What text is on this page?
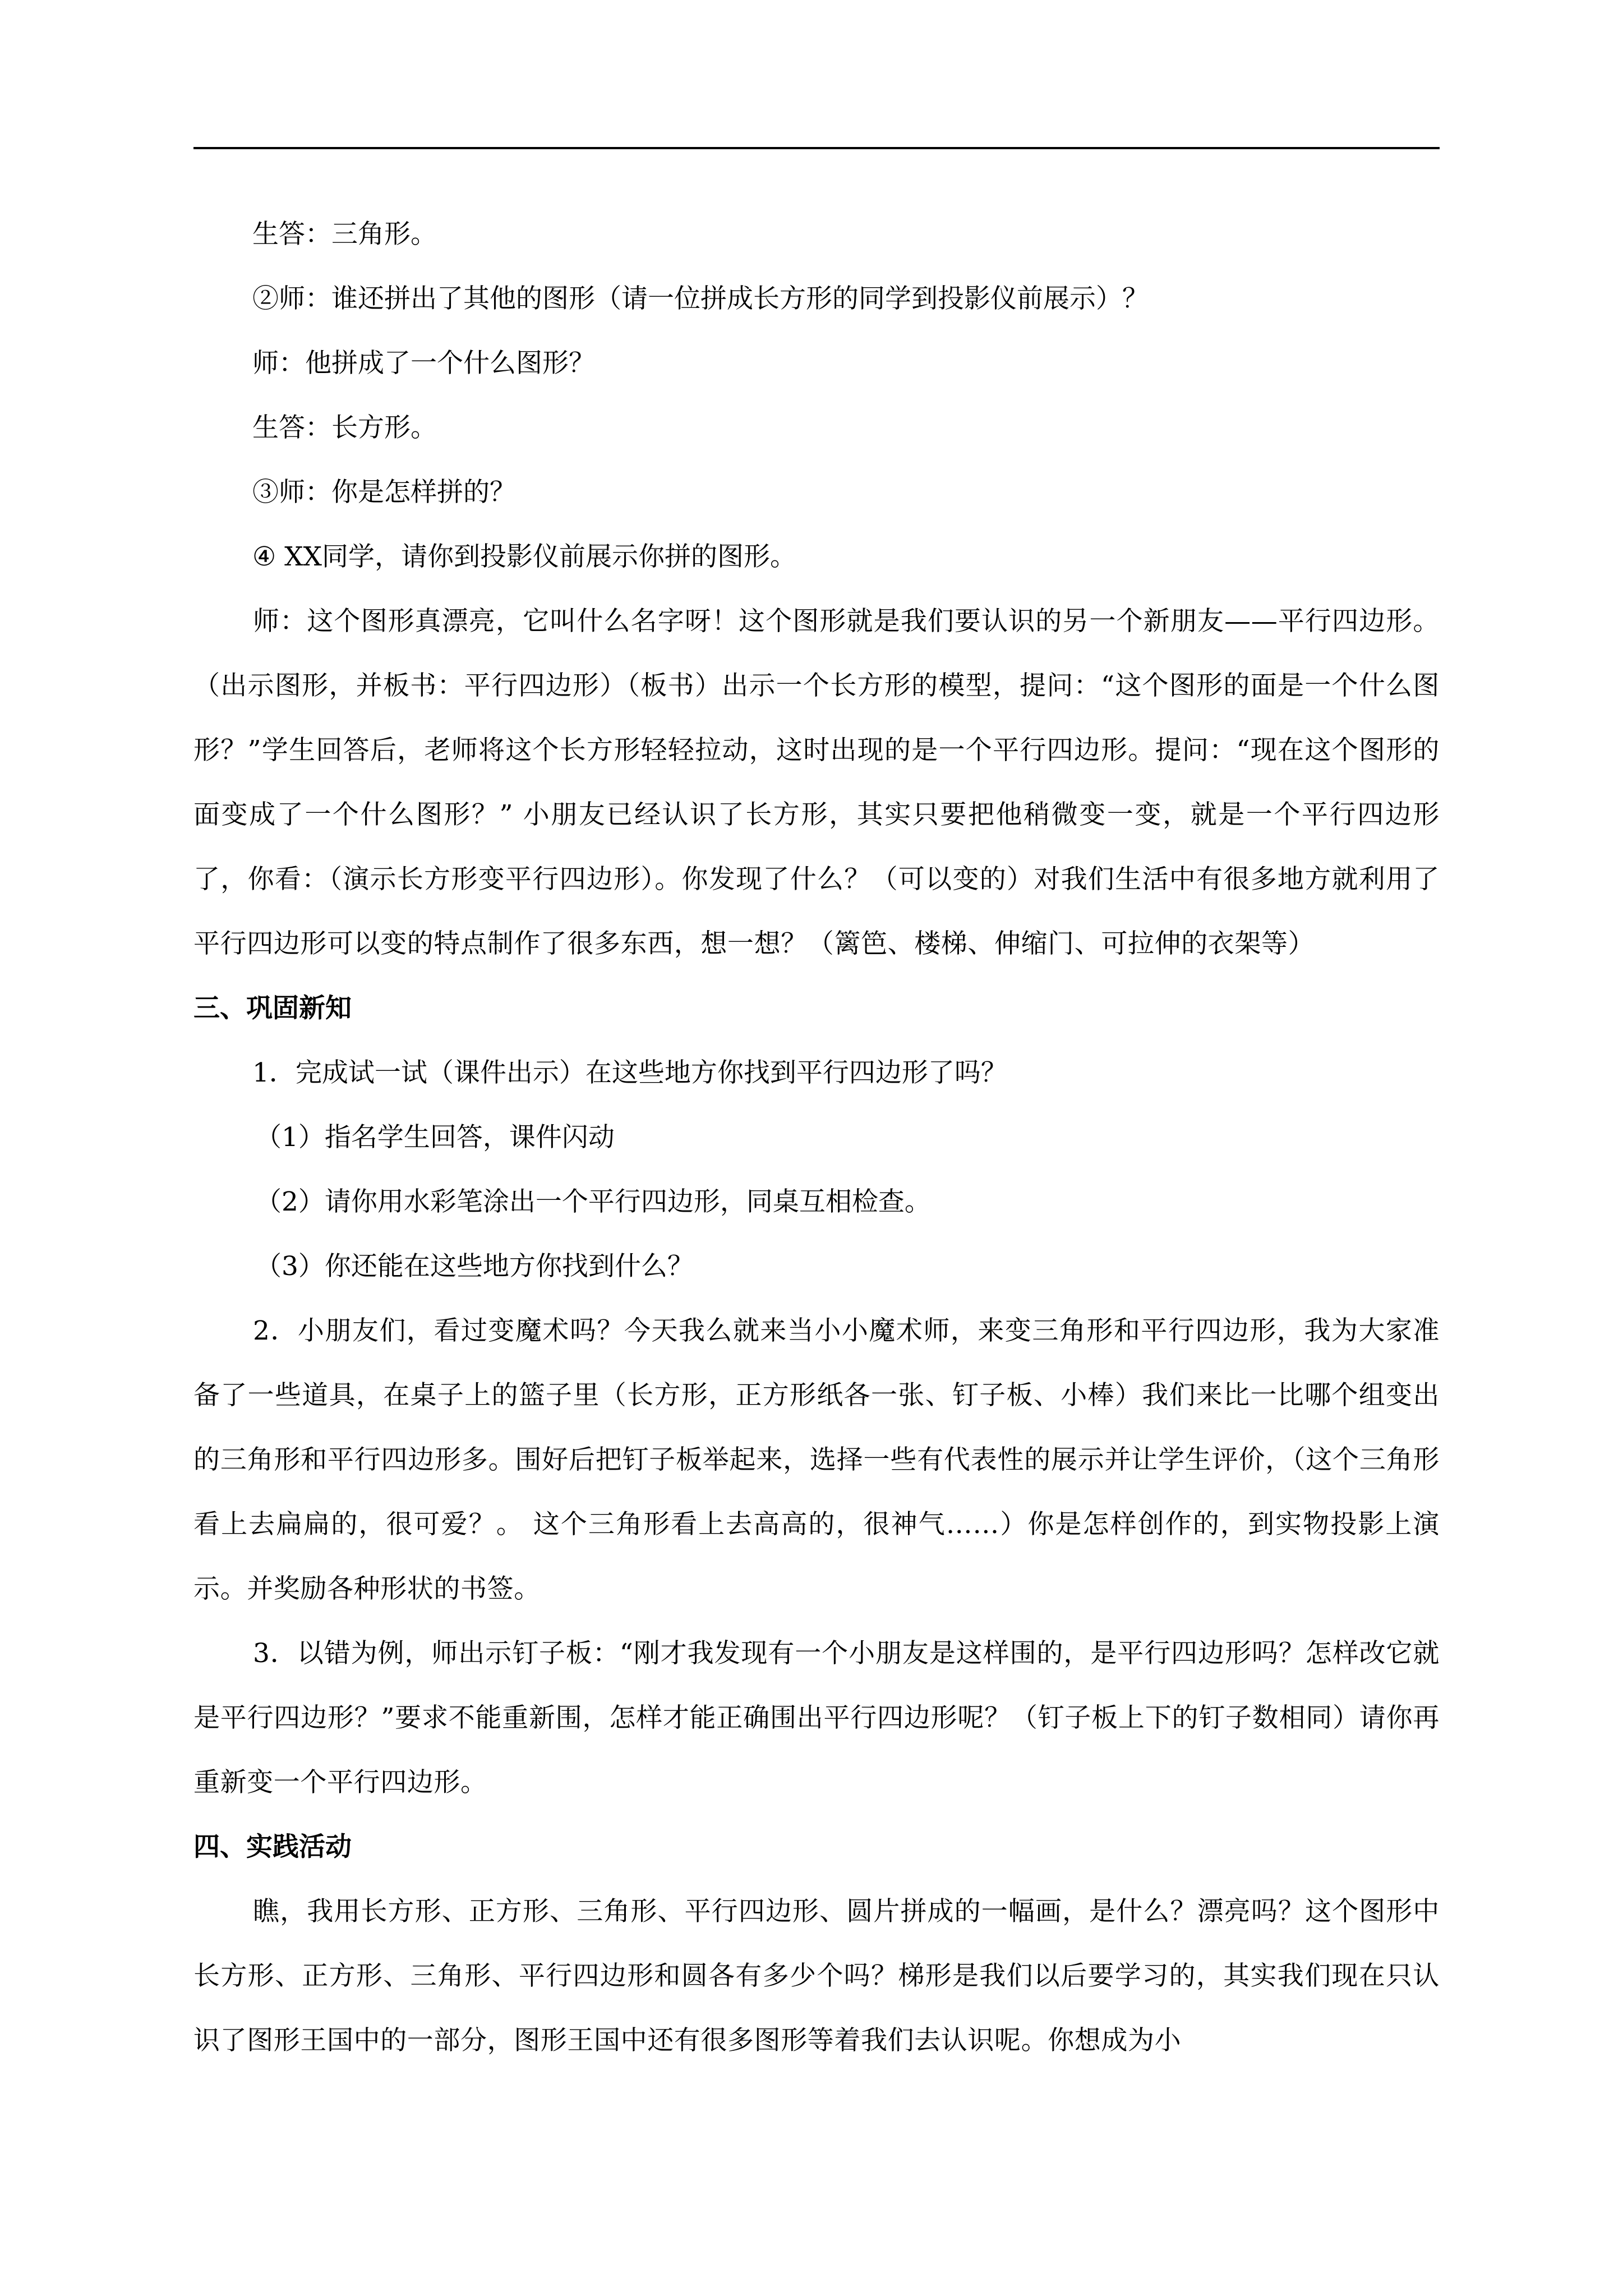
生答：三角形。

②师：谁还拼出了其他的图形（请一位拼成长方形的同学到投影仪前展示）？

师：他拼成了一个什么图形？

生答：长方形。

③师：你是怎样拼的？

④ XX同学，请你到投影仪前展示你拼的图形。

师：这个图形真漂亮，它叫什么名字呀！这个图形就是我们要认识的另一个新朋友——平行四边形。（出示图形，并板书：平行四边形）（板书）出示一个长方形的模型，提问：“这个图形的面是一个什么图形？”学生回答后，老师将这个长方形轻轻拉动，这时出现的是一个平行四边形。提问：“现在这个图形的面变成了一个什么图形？” 小朋友已经认识了长方形，其实只要把他稍微变一变，就是一个平行四边形了，你看：（演示长方形变平行四边形）。你发现了什么？（可以变的）对我们生活中有很多地方就利用了平行四边形可以变的特点制作了很多东西，想一想？（篱笆、楼梯、伸缩门、可拉伸的衣架等）

三、巩固新知

1．完成试一试（课件出示）在这些地方你找到平行四边形了吗？

（1）指名学生回答，课件闪动

（2）请你用水彩笔涂出一个平行四边形，同桌互相检查。

（3）你还能在这些地方你找到什么？

2．小朋友们，看过变魔术吗？今天我么就来当小小魔术师，来变三角形和平行四边形，我为大家准备了一些道具，在桌子上的篮子里（长方形，正方形纸各一张、钉子板、小棒）我们来比一比哪个组变出的三角形和平行四边形多。围好后把钉子板举起来，选择一些有代表性的展示并让学生评价，（这个三角形看上去扁扁的，很可爱？。 这个三角形看上去高高的，很神气……）你是怎样创作的，到实物投影上演示。并奖励各种形状的书签。

3．以错为例，师出示钉子板：“刚才我发现有一个小朋友是这样围的，是平行四边形吗？怎样改它就是平行四边形？”要求不能重新围，怎样才能正确围出平行四边形呢？（钉子板上下的钉子数相同）请你再重新变一个平行四边形。

四、实践活动

瞧，我用长方形、正方形、三角形、平行四边形、圆片拼成的一幅画，是什么？漂亮吗？这个图形中长方形、正方形、三角形、平行四边形和圆各有多少个吗？梯形是我们以后要学习的，其实我们现在只认识了图形王国中的一部分，图形王国中还有很多图形等着我们去认识呢。你想成为小
